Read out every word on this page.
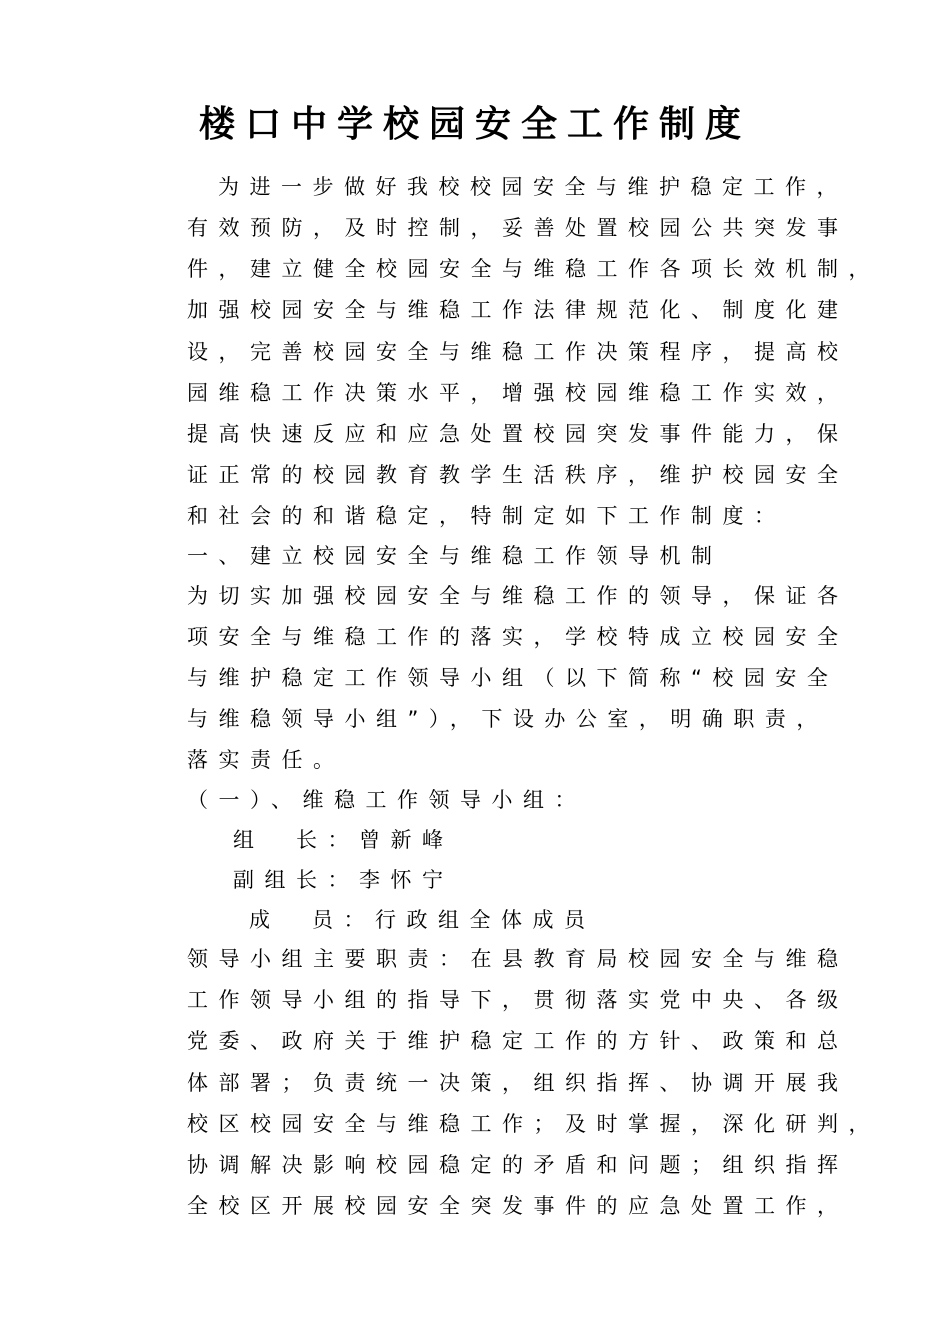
楼口中学校园安全工作制度
为进一步做好我校校园安全与维护稳定工作，
有效预防，及时控制，妥善处置校园公共突发事
件，建立健全校园安全与维稳工作各项长效机制，
加强校园安全与维稳工作法律规范化、制度化建
设，完善校园安全与维稳工作决策程序，提高校
园维稳工作决策水平，增强校园维稳工作实效，
提高快速反应和应急处置校园突发事件能力，保
证正常的校园教育教学生活秩序，维护校园安全
和社会的和谐稳定，特制定如下工作制度：
一、建立校园安全与维稳工作领导机制
为切实加强校园安全与维稳工作的领导，保证各
项安全与维稳工作的落实，学校特成立校园安全
与维护稳定工作领导小组（以下简称“校园安全
与维稳领导小组”），下设办公室，明确职责，
落实责任。
（一）、维稳工作领导小组：
组　长：曾新峰
副组长：李怀宁
成　员：行政组全体成员
领导小组主要职责：在县教育局校园安全与维稳
工作领导小组的指导下，贯彻落实党中央、各级
党委、政府关于维护稳定工作的方针、政策和总
体部署；负责统一决策，组织指挥、协调开展我
校区校园安全与维稳工作；及时掌握，深化研判，
协调解决影响校园稳定的矛盾和问题；组织指挥
全校区开展校园安全突发事件的应急处置工作，
